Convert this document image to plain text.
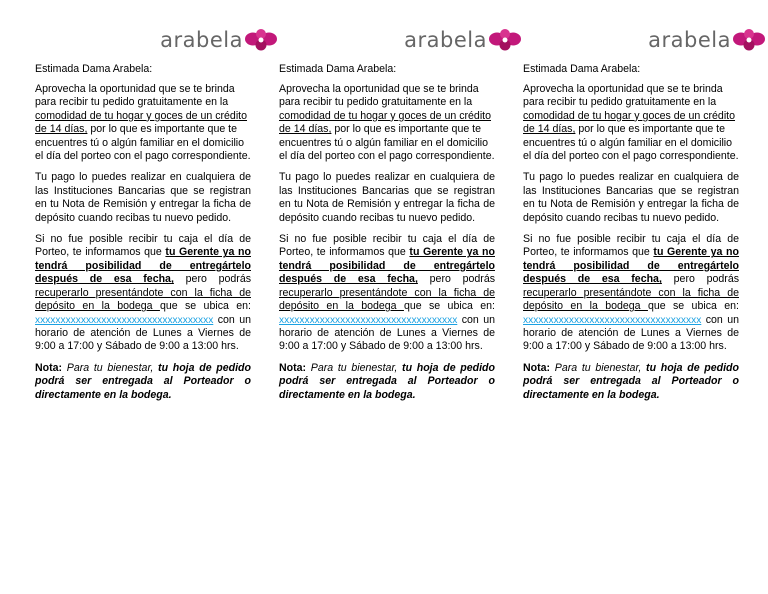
arabela

Estimada Dama Arabela:

Aprovecha la oportunidad que se te brinda para recibir tu pedido gratuitamente en la comodidad de tu hogar y goces de un crédito de 14 días, por lo que es importante que te encuentres tú o algún familiar en el domicilio el día del porteo con el pago correspondiente.

Tu pago lo puedes realizar en cualquiera de las Instituciones Bancarias que se registran en tu Nota de Remisión y entregar la ficha de depósito cuando recibas tu nuevo pedido.

Si no fue posible recibir tu caja el día de Porteo, te informamos que tu Gerente ya no tendrá posibilidad de entregártelo después de esa fecha, pero podrás recuperarlo presentándote con la ficha de depósito en la bodega que se ubica en: xxxxxxxxxxxxxxxxxxxxxxxxxxxxxxxxxxx con un horario de atención de Lunes a Viernes de 9:00 a 17:00 y Sábado de 9:00 a 13:00 hrs.

Nota: Para tu bienestar, tu hoja de pedido podrá ser entregada al Porteador o directamente en la bodega.

arabela

Estimada Dama Arabela:

Aprovecha la oportunidad que se te brinda para recibir tu pedido gratuitamente en la comodidad de tu hogar y goces de un crédito de 14 días, por lo que es importante que te encuentres tú o algún familiar en el domicilio el día del porteo con el pago correspondiente.

Tu pago lo puedes realizar en cualquiera de las Instituciones Bancarias que se registran en tu Nota de Remisión y entregar la ficha de depósito cuando recibas tu nuevo pedido.

Si no fue posible recibir tu caja el día de Porteo, te informamos que tu Gerente ya no tendrá posibilidad de entregártelo después de esa fecha, pero podrás recuperarlo presentándote con la ficha de depósito en la bodega que se ubica en: xxxxxxxxxxxxxxxxxxxxxxxxxxxxxxxxxxx con un horario de atención de Lunes a Viernes de 9:00 a 17:00 y Sábado de 9:00 a 13:00 hrs.

Nota: Para tu bienestar, tu hoja de pedido podrá ser entregada al Porteador o directamente en la bodega.

arabela

Estimada Dama Arabela:

Aprovecha la oportunidad que se te brinda para recibir tu pedido gratuitamente en la comodidad de tu hogar y goces de un crédito de 14 días, por lo que es importante que te encuentres tú o algún familiar en el domicilio el día del porteo con el pago correspondiente.

Tu pago lo puedes realizar en cualquiera de las Instituciones Bancarias que se registran en tu Nota de Remisión y entregar la ficha de depósito cuando recibas tu nuevo pedido.

Si no fue posible recibir tu caja el día de Porteo, te informamos que tu Gerente ya no tendrá posibilidad de entregártelo después de esa fecha, pero podrás recuperarlo presentándote con la ficha de depósito en la bodega que se ubica en: xxxxxxxxxxxxxxxxxxxxxxxxxxxxxxxxxxx con un horario de atención de Lunes a Viernes de 9:00 a 17:00 y Sábado de 9:00 a 13:00 hrs.

Nota: Para tu bienestar, tu hoja de pedido podrá ser entregada al Porteador o directamente en la bodega.
